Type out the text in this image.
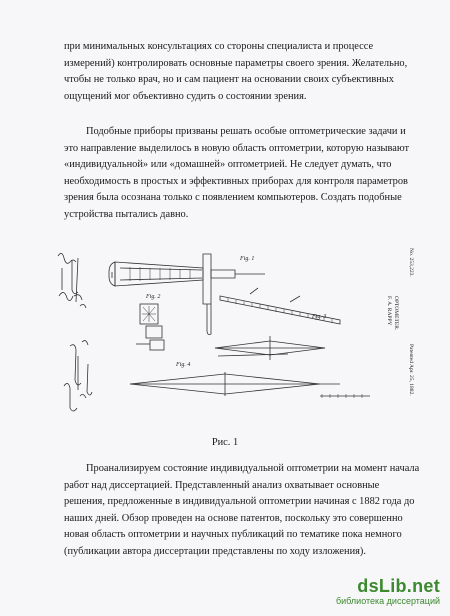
при минимальных консультациях со стороны специалиста и процессе
измерений) контролировать основные параметры своего зрения. Желательно,
чтобы не только врач, но и сам пациент на основании своих субъективных
ощущений мог объективно судить о состоянии зрения.

Подобные приборы призваны решать особые оптометрические задачи и
это направление выделилось в новую область оптометрии, которую называют
«индивидуальной» или «домашней» оптометрией. Не следует думать, что
необходимость в простых и эффективных приборах для контроля параметров
зрения была осознана только с появлением компьютеров. Создать подобные
устройства пытались давно.

Fig. 1
Fig. 2
Fig. 3
Fig. 4
No. 253,223.
F. A. RAPPY OPTOMETER.
Patented Apr. 25, 1882.
Рис. 1

Проанализируем состояние индивидуальной оптометрии на момент начала
работ над диссертацией. Представленный анализ охватывает основные
решения, предложенные в индивидуальной оптометрии начиная с 1882 года до
наших дней. Обзор проведен на основе патентов, поскольку это совершенно
новая область оптометрии и научных публикаций по тематике пока немного
(публикации автора диссертации представлены по ходу изложения).

dsLib.net
библиотека диссертаций
